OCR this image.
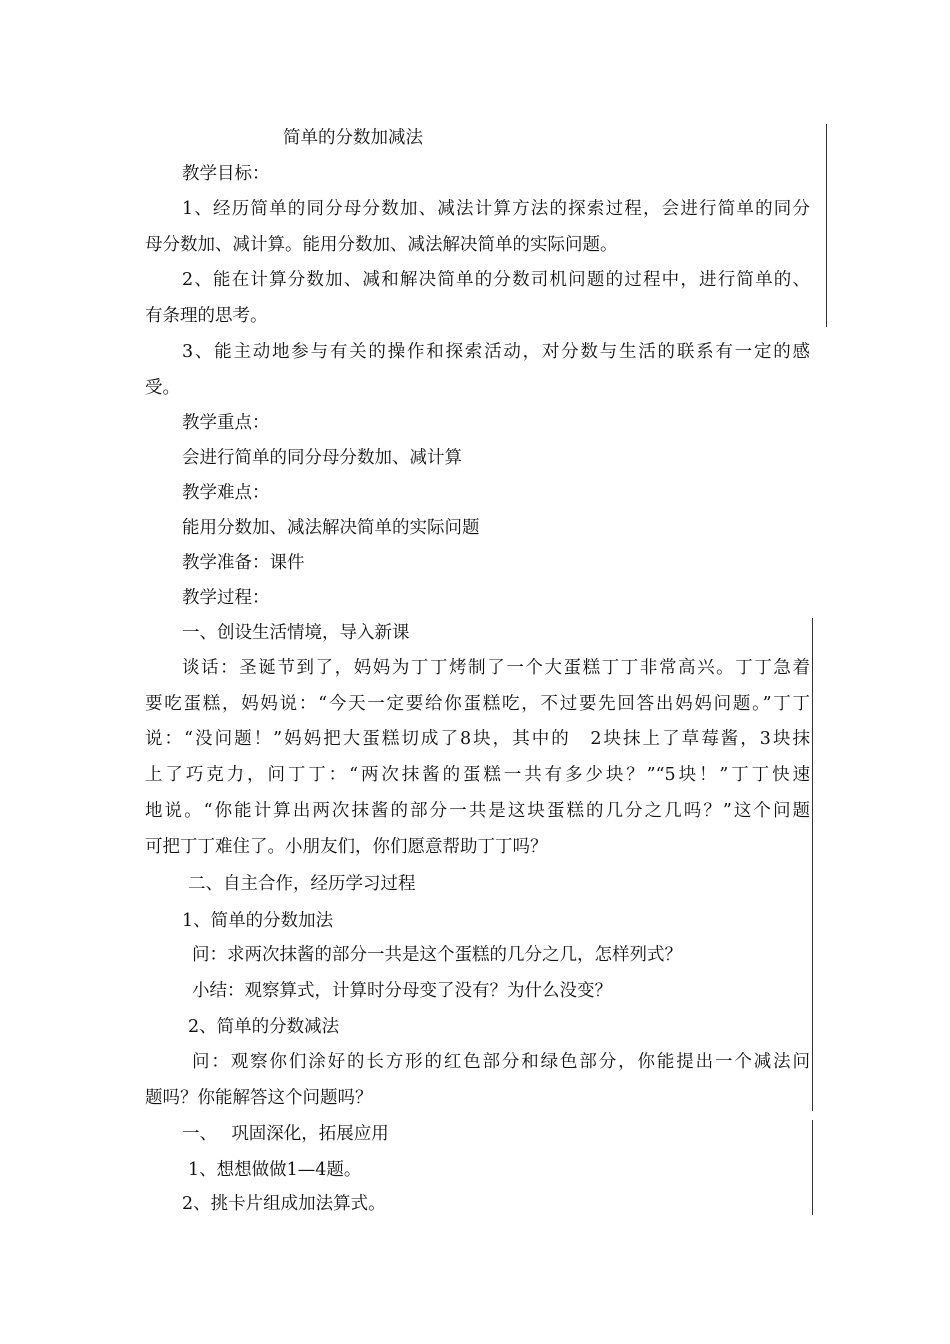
简单的分数加减法
教学目标：
1、经历简单的同分母分数加、减法计算方法的探索过程，会进行简单的同分
母分数加、减计算。能用分数加、减法解决简单的实际问题。
2、能在计算分数加、减和解决简单的分数司机问题的过程中，进行简单的、
有条理的思考。
3、能主动地参与有关的操作和探索活动，对分数与生活的联系有一定的感
受。
教学重点：
会进行简单的同分母分数加、减计算
教学难点：
能用分数加、减法解决简单的实际问题
教学准备：课件
教学过程：
一、创设生活情境，导入新课
谈话：圣诞节到了，妈妈为丁丁烤制了一个大蛋糕丁丁非常高兴。丁丁急着
要吃蛋糕，妈妈说：“今天一定要给你蛋糕吃，不过要先回答出妈妈问题。”丁丁
说：“没问题！”妈妈把大蛋糕切成了8块，其中的　2块抹上了草莓酱，3块抹
上了巧克力，问丁丁：“两次抹酱的蛋糕一共有多少块？”“5块！”丁丁快速
地说。“你能计算出两次抹酱的部分一共是这块蛋糕的几分之几吗？”这个问题
可把丁丁难住了。小朋友们，你们愿意帮助丁丁吗？
二、自主合作，经历学习过程
1、简单的分数加法
问：求两次抹酱的部分一共是这个蛋糕的几分之几，怎样列式？
小结：观察算式，计算时分母变了没有？为什么没变？
2、简单的分数减法
问：观察你们涂好的长方形的红色部分和绿色部分，你能提出一个减法问
题吗？你能解答这个问题吗？
一、　 巩固深化，拓展应用
1、想想做做1—4题。
2、挑卡片组成加法算式。
